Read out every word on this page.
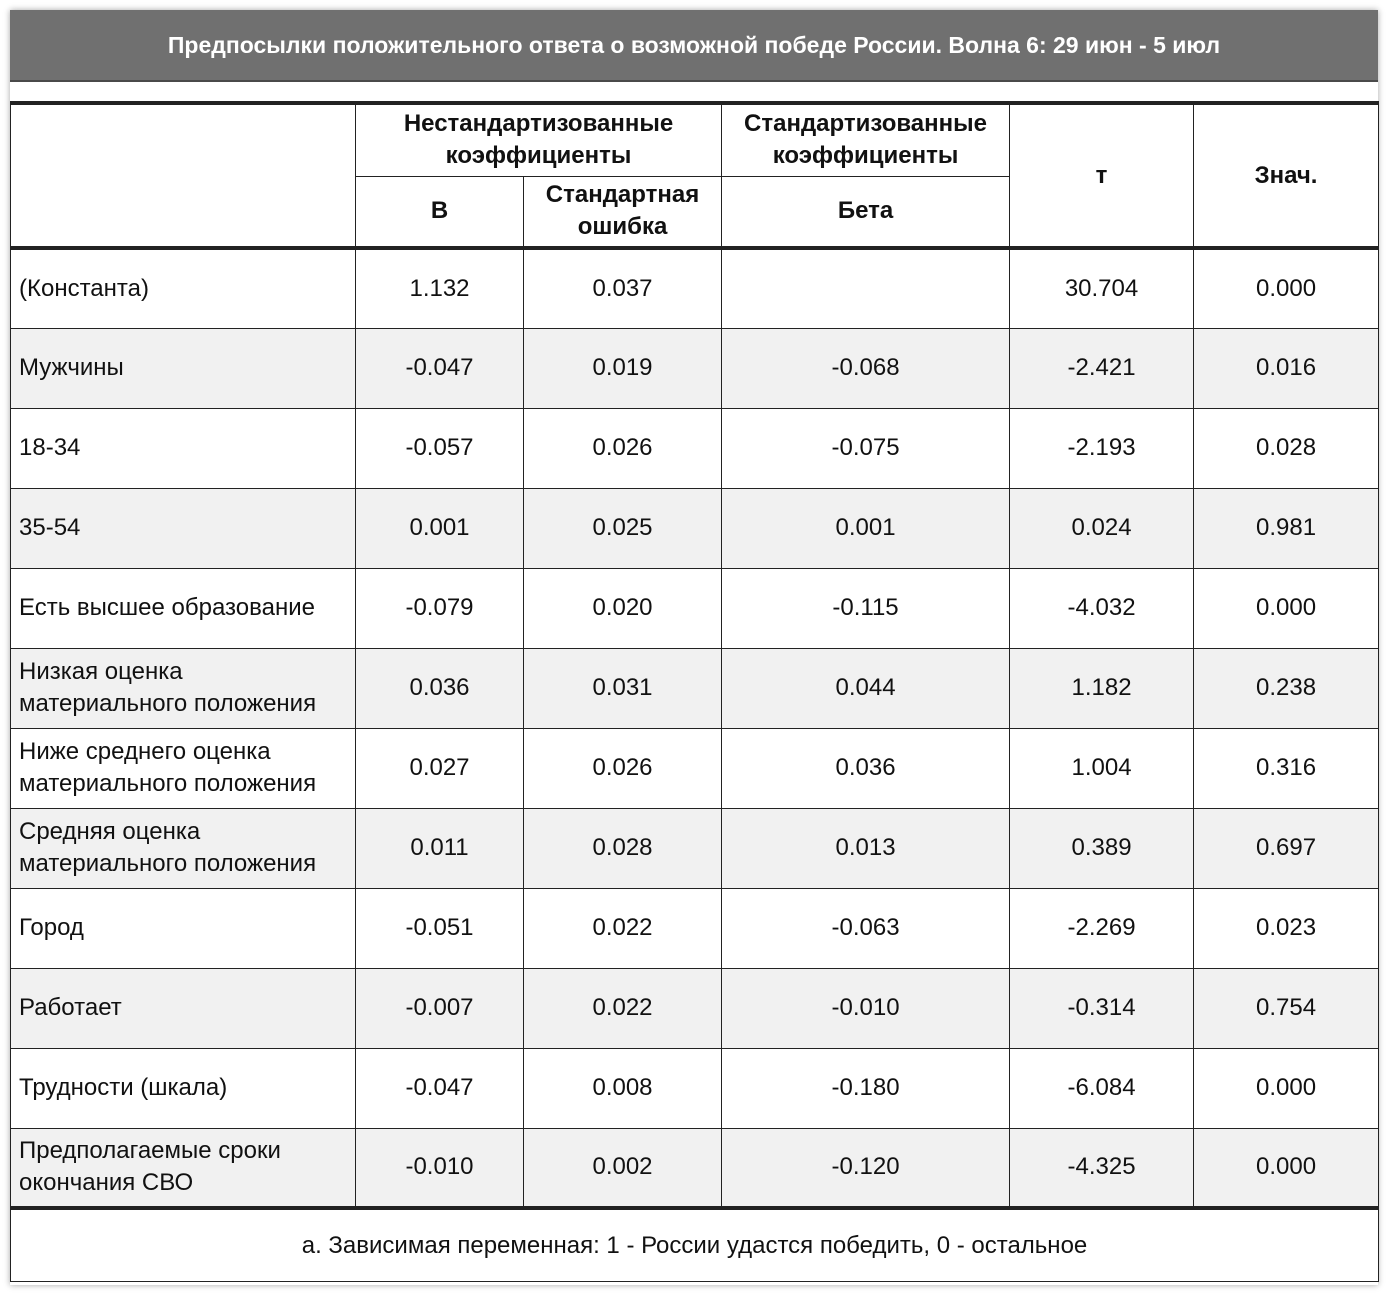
Предпосылки положительного ответа о возможной победе России. Волна 6: 29 июн - 5 июл
	Нестандартизованные коэффициенты		Стандартизованные коэффициенты	т	Знач.
	B	Стандартная ошибка	Бета		
(Константа)	1.132	0.037		30.704	0.000
Мужчины	-0.047	0.019	-0.068	-2.421	0.016
18-34	-0.057	0.026	-0.075	-2.193	0.028
35-54	0.001	0.025	0.001	0.024	0.981
Есть высшее образование	-0.079	0.020	-0.115	-4.032	0.000
Низкая оценка материального положения	0.036	0.031	0.044	1.182	0.238
Ниже среднего оценка материального положения	0.027	0.026	0.036	1.004	0.316
Средняя оценка материального положения	0.011	0.028	0.013	0.389	0.697
Город	-0.051	0.022	-0.063	-2.269	0.023
Работает	-0.007	0.022	-0.010	-0.314	0.754
Трудности (шкала)	-0.047	0.008	-0.180	-6.084	0.000
Предполагаемые сроки окончания СВО	-0.010	0.002	-0.120	-4.325	0.000
a. Зависимая переменная: 1 - России удастся победить, 0 - остальное					
